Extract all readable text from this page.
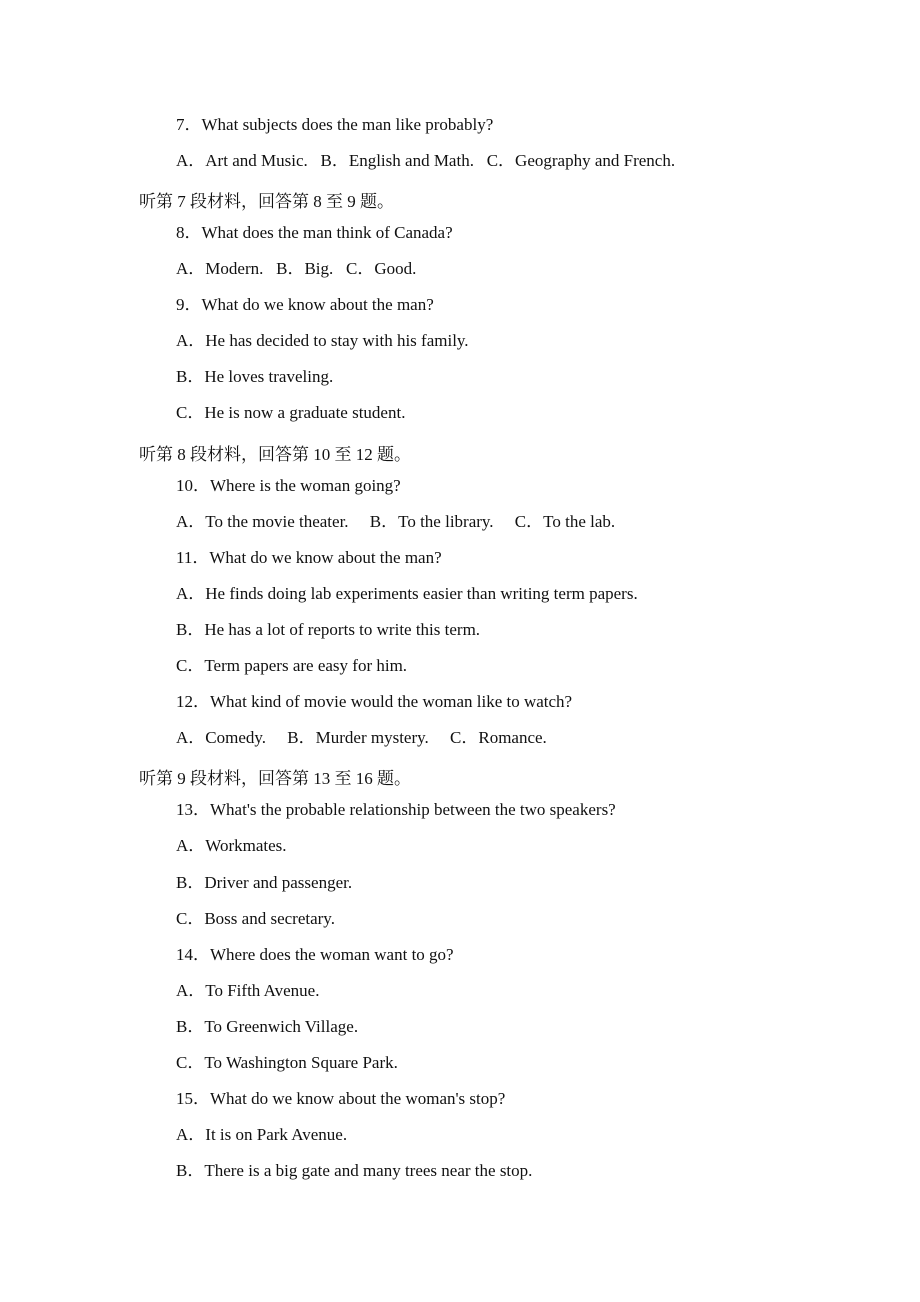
7．What subjects does the man like probably?

A．Art and Music.   B．English and Math.   C．Geography and French.

听第 7 段材料，回答第 8 至 9 题。

8．What does the man think of Canada?

A．Modern.   B．Big.   C．Good.

9．What do we know about the man?

A．He has decided to stay with his family.

B．He loves traveling.

C．He is now a graduate student.

听第 8 段材料，回答第 10 至 12 题。

10．Where is the woman going?

A．To the movie theater.     B．To the library.     C．To the lab.

11．What do we know about the man?

A．He finds doing lab experiments easier than writing term papers.

B．He has a lot of reports to write this term.

C．Term papers are easy for him.

12．What kind of movie would the woman like to watch?

A．Comedy.     B．Murder mystery.     C．Romance.

听第 9 段材料，回答第 13 至 16 题。

13．What's the probable relationship between the two speakers?

A．Workmates.

B．Driver and passenger.

C．Boss and secretary.

14．Where does the woman want to go?

A．To Fifth Avenue.

B．To Greenwich Village.

C．To Washington Square Park.

15．What do we know about the woman's stop?

A．It is on Park Avenue.

B．There is a big gate and many trees near the stop.
